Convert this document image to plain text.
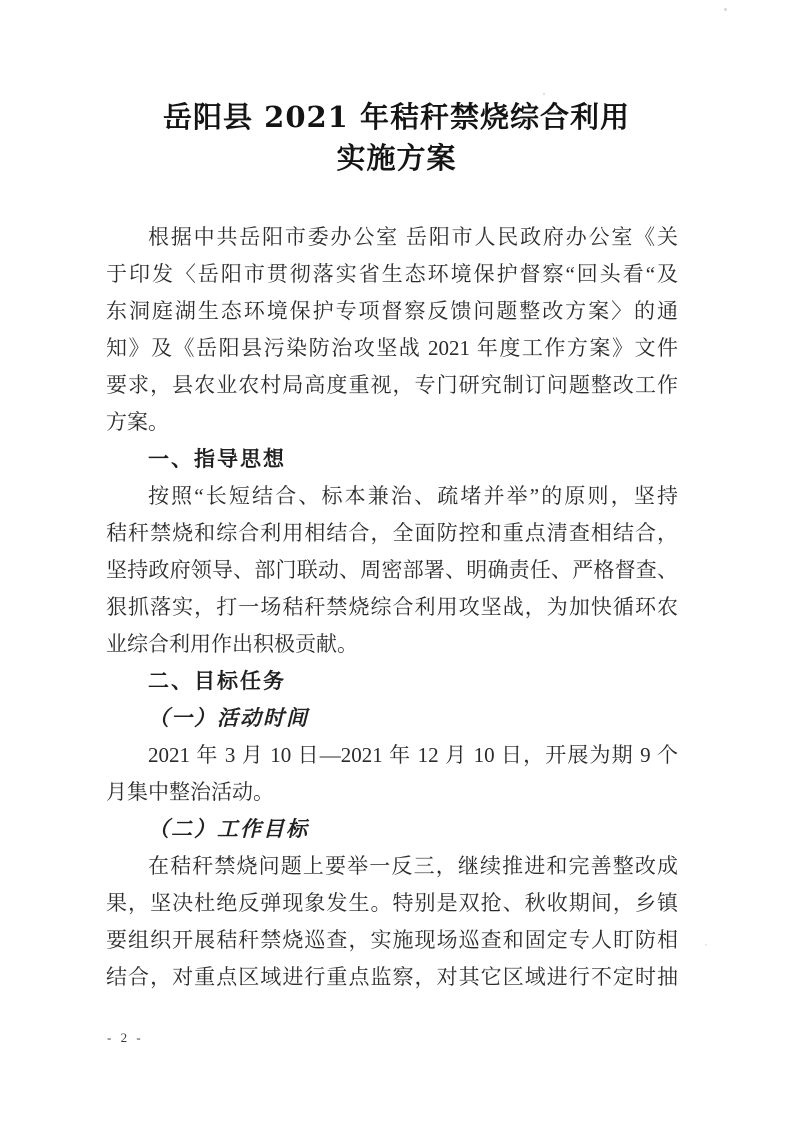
岳阳县 2021 年秸秆禁烧综合利用
实施方案
根据中共岳阳市委办公室 岳阳市人民政府办公室《关
于印发〈岳阳市贯彻落实省生态环境保护督察“回头看“及
东洞庭湖生态环境保护专项督察反馈问题整改方案〉的通
知》及《岳阳县污染防治攻坚战 2021 年度工作方案》文件
要求，县农业农村局高度重视，专门研究制订问题整改工作
方案。
一、指导思想
按照“长短结合、标本兼治、疏堵并举”的原则，坚持
秸秆禁烧和综合利用相结合，全面防控和重点清查相结合，
坚持政府领导、部门联动、周密部署、明确责任、严格督查、
狠抓落实，打一场秸秆禁烧综合利用攻坚战，为加快循环农
业综合利用作出积极贡献。
二、目标任务
（一）活动时间
2021 年 3 月 10 日—2021 年 12 月 10 日，开展为期 9 个
月集中整治活动。
（二）工作目标
在秸秆禁烧问题上要举一反三，继续推进和完善整改成
果，坚决杜绝反弹现象发生。特别是双抢、秋收期间，乡镇
要组织开展秸秆禁烧巡查，实施现场巡查和固定专人盯防相
结合，对重点区域进行重点监察，对其它区域进行不定时抽
- 2 -
